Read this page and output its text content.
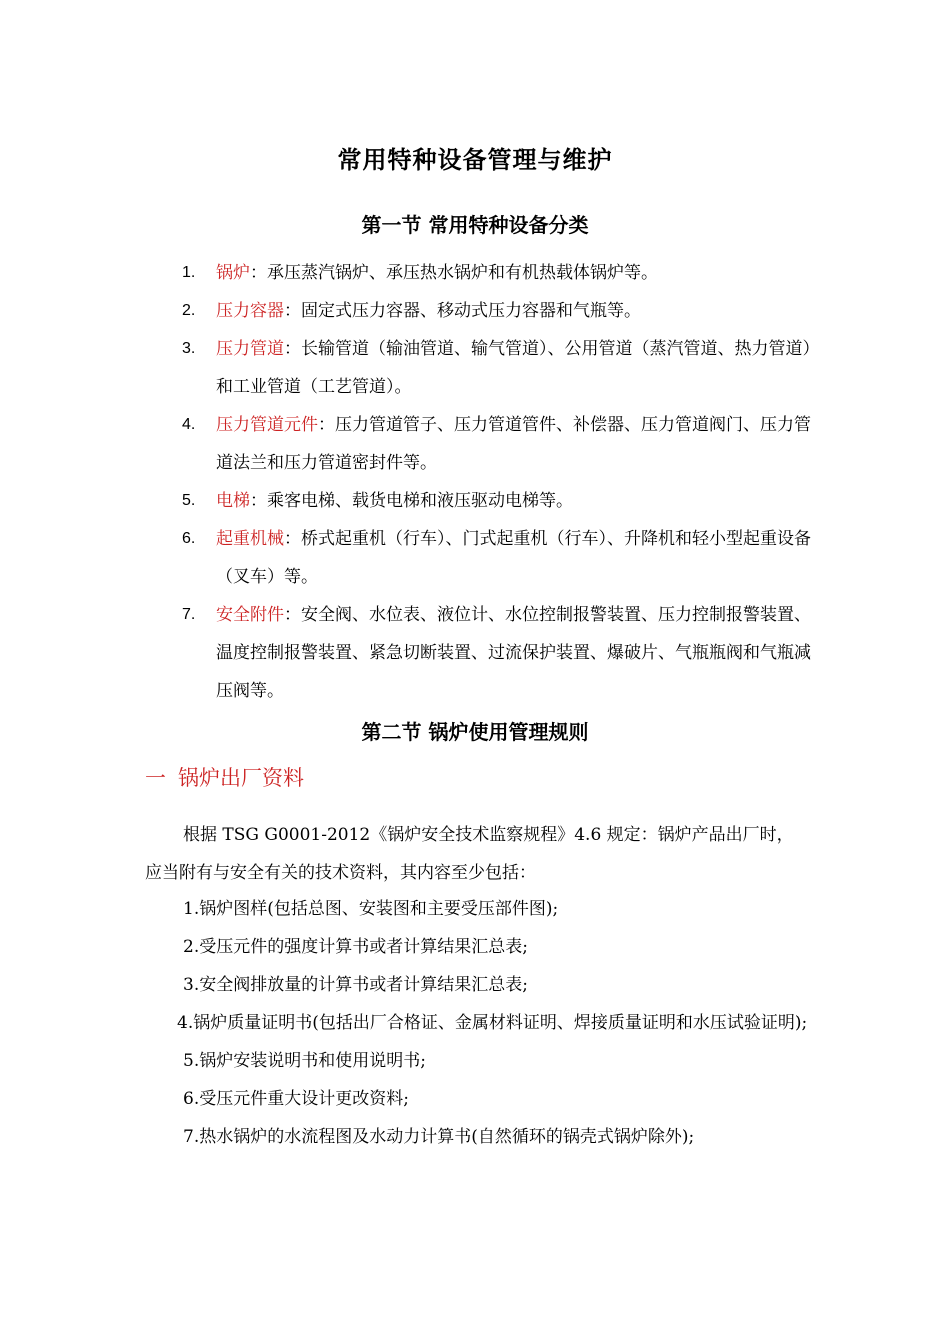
常用特种设备管理与维护
第一节 常用特种设备分类
1. 锅炉：承压蒸汽锅炉、承压热水锅炉和有机热载体锅炉等。
2. 压力容器：固定式压力容器、移动式压力容器和气瓶等。
3. 压力管道：长输管道（输油管道、输气管道）、公用管道（蒸汽管道、热力管道）和工业管道（工艺管道）。
4. 压力管道元件：压力管道管子、压力管道管件、补偿器、压力管道阀门、压力管道法兰和压力管道密封件等。
5. 电梯：乘客电梯、载货电梯和液压驱动电梯等。
6. 起重机械：桥式起重机（行车）、门式起重机（行车）、升降机和轻小型起重设备（叉车）等。
7. 安全附件：安全阀、水位表、液位计、水位控制报警装置、压力控制报警装置、温度控制报警装置、紧急切断装置、过流保护装置、爆破片、气瓶瓶阀和气瓶减压阀等。
第二节 锅炉使用管理规则
一 锅炉出厂资料
根据 TSG G0001-2012《锅炉安全技术监察规程》4.6 规定：锅炉产品出厂时，应当附有与安全有关的技术资料，其内容至少包括：
1.锅炉图样(包括总图、安装图和主要受压部件图);
2.受压元件的强度计算书或者计算结果汇总表;
3.安全阀排放量的计算书或者计算结果汇总表;
4.锅炉质量证明书(包括出厂合格证、金属材料证明、焊接质量证明和水压试验证明);
5.锅炉安装说明书和使用说明书;
6.受压元件重大设计更改资料;
7.热水锅炉的水流程图及水动力计算书(自然循环的锅壳式锅炉除外);
